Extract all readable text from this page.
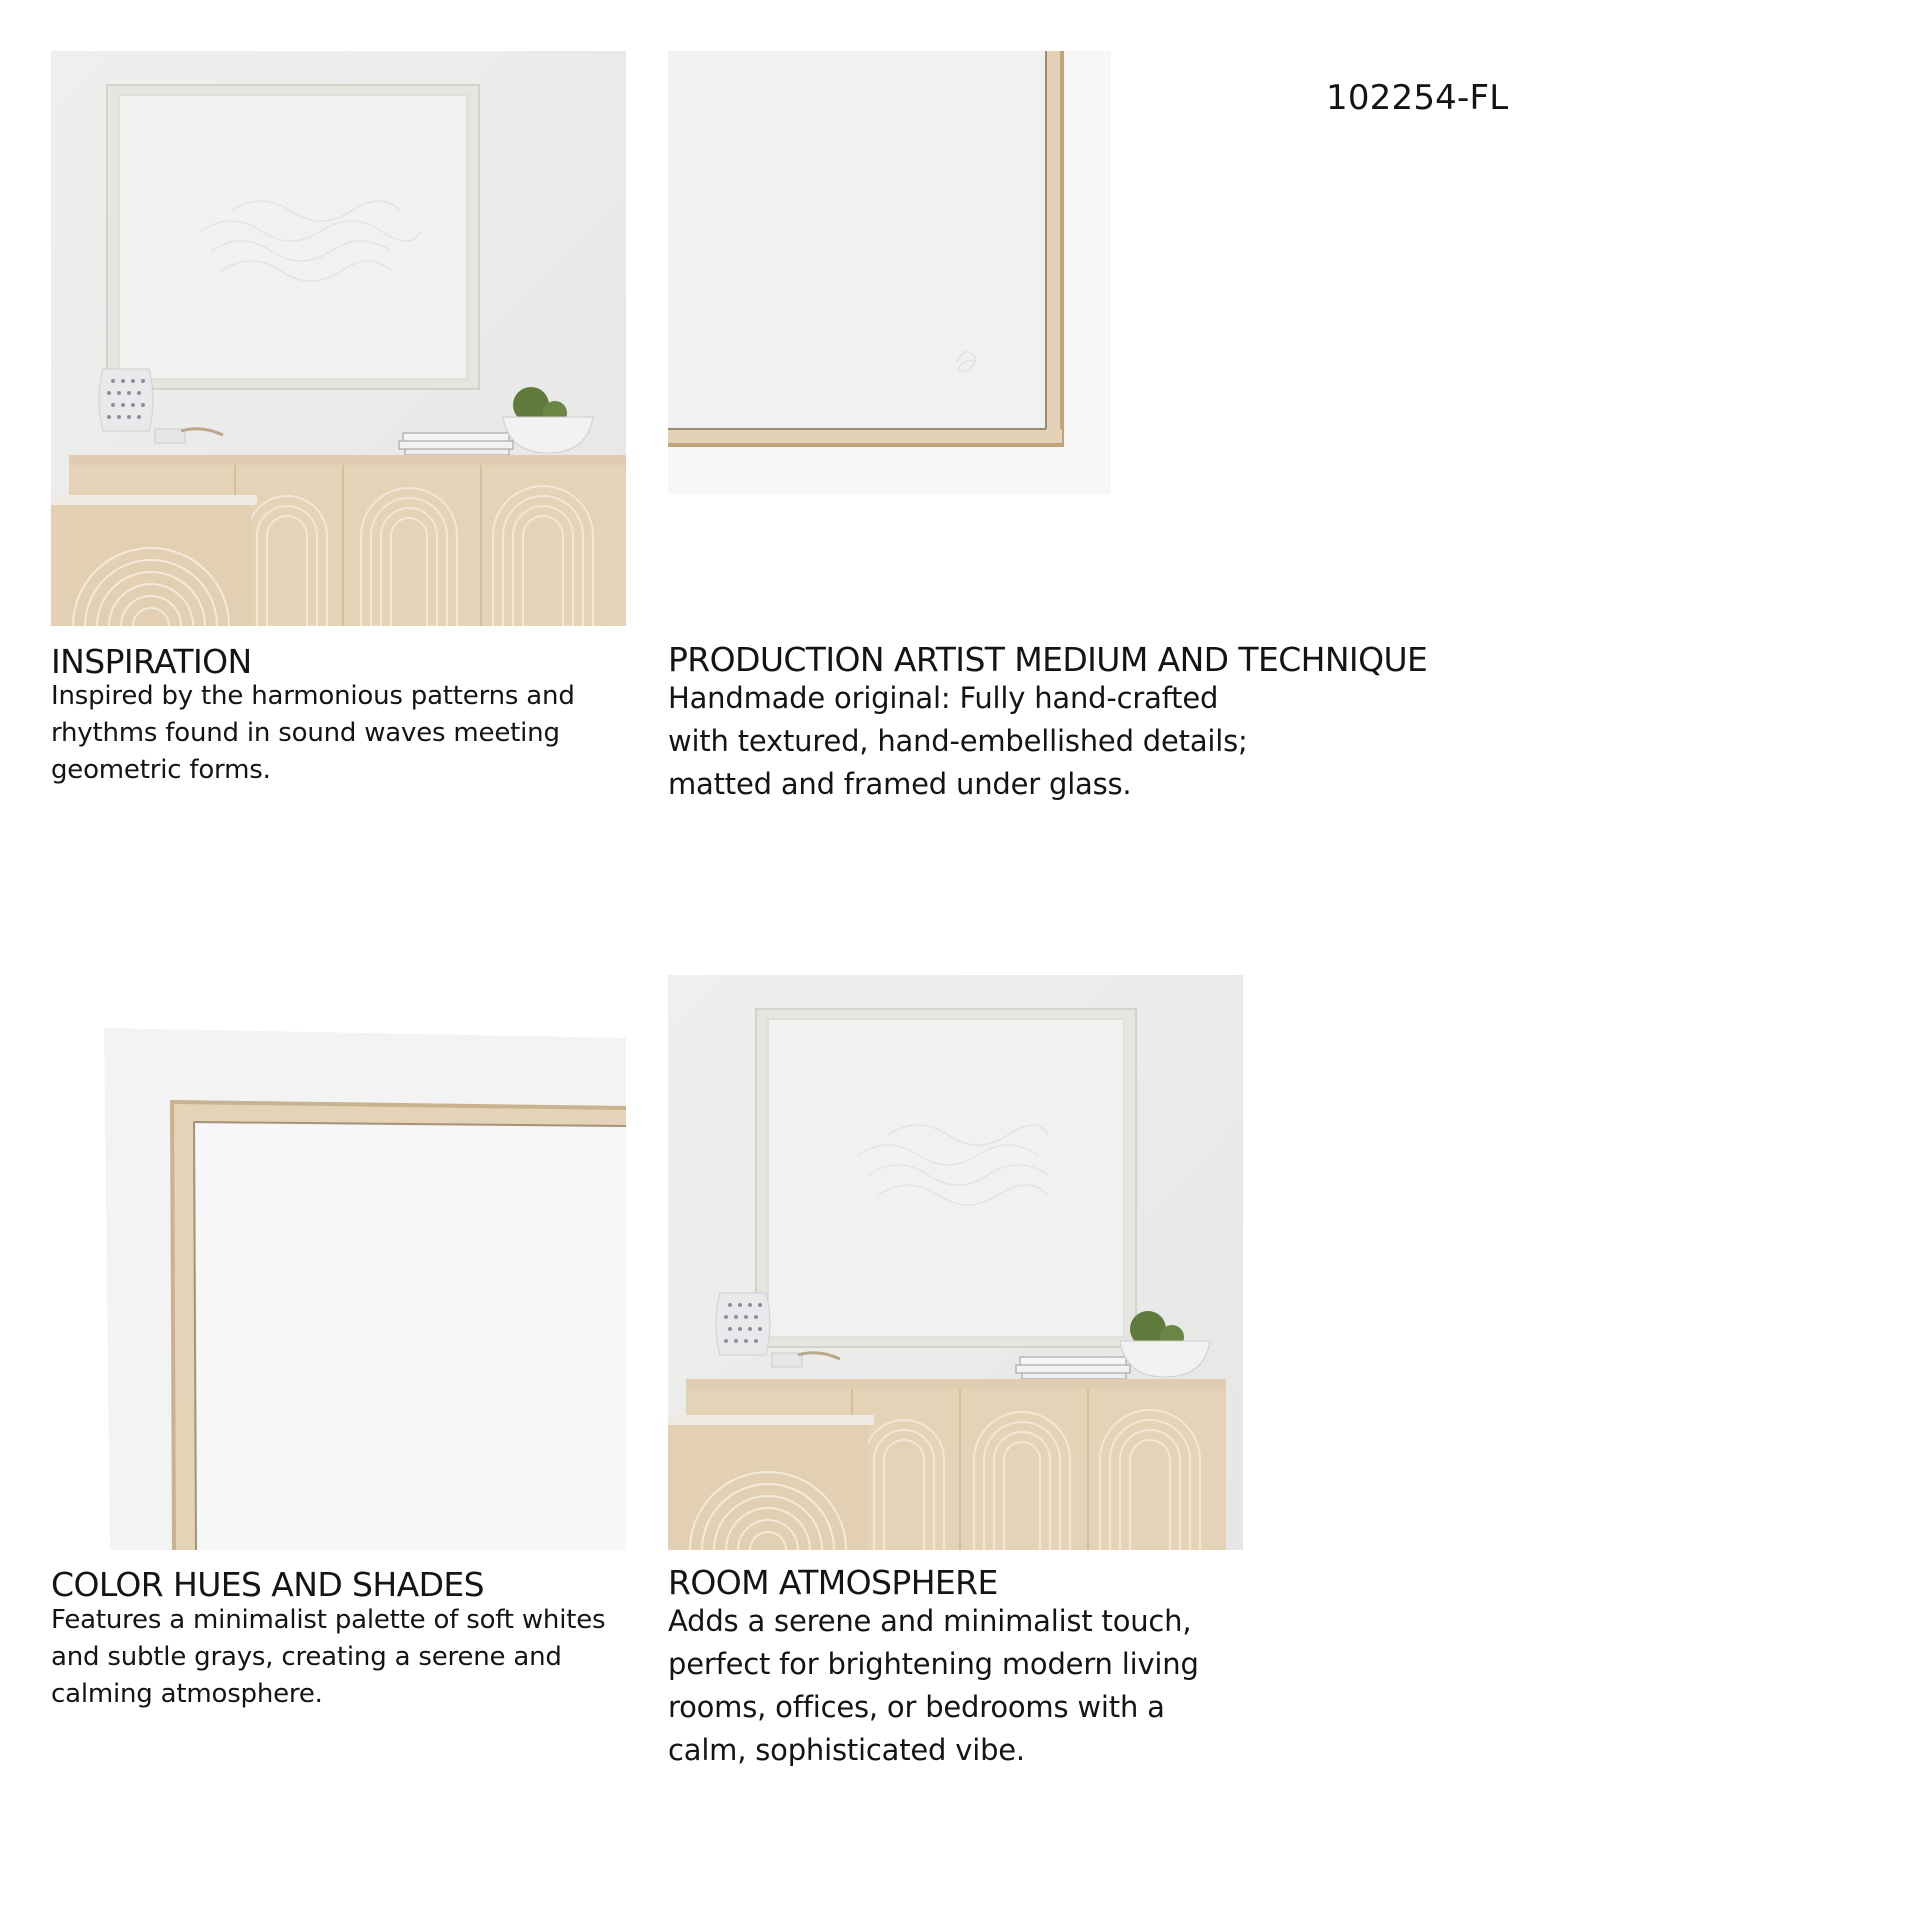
102254-FL
INSPIRATION
Inspired by the harmonious patterns and
rhythms found in sound waves meeting
geometric forms.
PRODUCTION ARTIST MEDIUM AND TECHNIQUE
Handmade original: Fully hand-crafted
with textured, hand-embellished details;
matted and framed under glass.
COLOR HUES AND SHADES
Features a minimalist palette of soft whites
and subtle grays, creating a serene and
calming atmosphere.
ROOM ATMOSPHERE
Adds a serene and minimalist touch,
perfect for brightening modern living
rooms, offices, or bedrooms with a
calm, sophisticated vibe.
